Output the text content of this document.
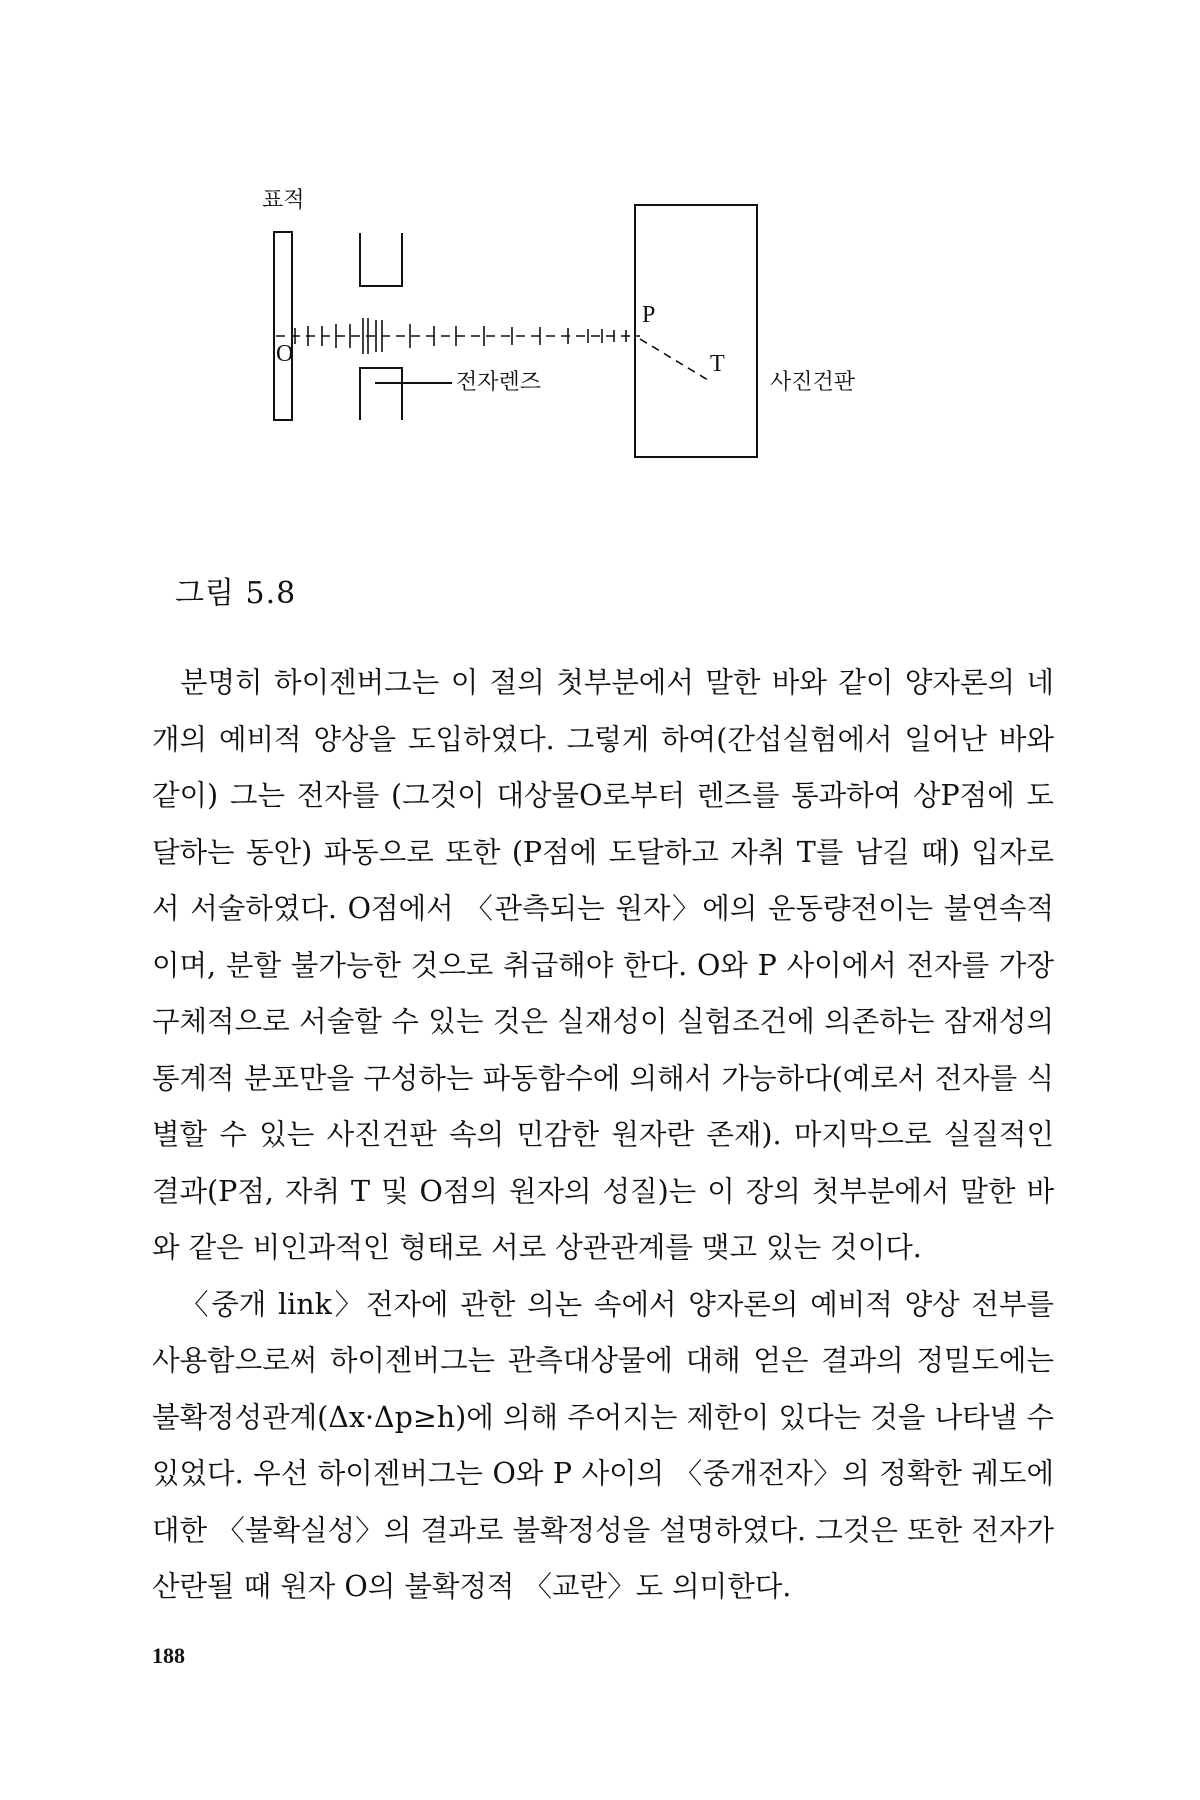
표적
O
P
T
전자렌즈	사진건판
그림 5.8

분명히 하이젠버그는 이 절의 첫부분에서 말한 바와 같이 양자론의 네 개의 예비적 양상을 도입하였다. 그렇게 하여(간섭실험에서 일어난 바와 같이) 그는 전자를 (그것이 대상물O로부터 렌즈를 통과하여 상P점에 도달하는 동안) 파동으로 또한 (P점에 도달하고 자취 T를 남길 때) 입자로서 서술하였다. O점에서 〈관측되는 원자〉에의 운동량전이는 불연속적이며, 분할 불가능한 것으로 취급해야 한다. O와 P 사이에서 전자를 가장 구체적으로 서술할 수 있는 것은 실재성이 실험조건에 의존하는 잠재성의 통계적 분포만을 구성하는 파동함수에 의해서 가능하다(예로서 전자를 식별할 수 있는 사진건판 속의 민감한 원자란 존재). 마지막으로 실질적인 결과(P점, 자취 T 및 O점의 원자의 성질)는 이 장의 첫부분에서 말한 바와 같은 비인과적인 형태로 서로 상관관계를 맺고 있는 것이다.

〈중개 link〉전자에 관한 의논 속에서 양자론의 예비적 양상 전부를 사용함으로써 하이젠버그는 관측대상물에 대해 얻은 결과의 정밀도에는 불확정성관계(Δx·Δp≥h)에 의해 주어지는 제한이 있다는 것을 나타낼 수 있었다. 우선 하이젠버그는 O와 P 사이의 〈중개전자〉의 정확한 궤도에 대한 〈불확실성〉의 결과로 불확정성을 설명하였다. 그것은 또한 전자가 산란될 때 원자 O의 불확정적 〈교란〉도 의미한다.

188
